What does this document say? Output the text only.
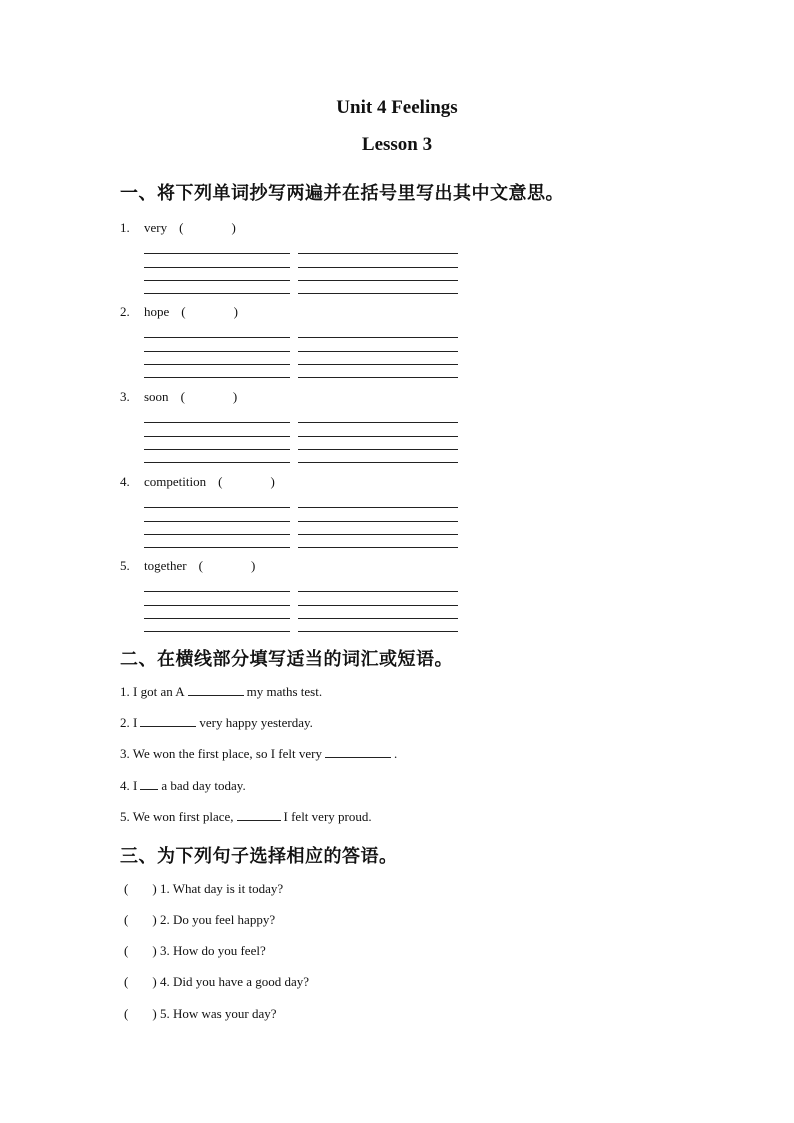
Unit 4 Feelings
Lesson 3
一、将下列单词抄写两遍并在括号里写出其中文意思。
1. very (	)
2. hope (	)
3. soon (	)
4. competition (	)
5. together (	)
二、在横线部分填写适当的词汇或短语。
1. I got an A	my maths test.
2. I	very happy yesterday.
3. We won the first place, so I felt very	.
4. I a bad day today.
5. We won first place,	I felt very proud.
三、为下列句子选择相应的答语。
( ) 1. What day is it today?
( ) 2. Do you feel happy?
( ) 3. How do you feel?
( ) 4. Did you have a good day?
( ) 5. How was your day?
